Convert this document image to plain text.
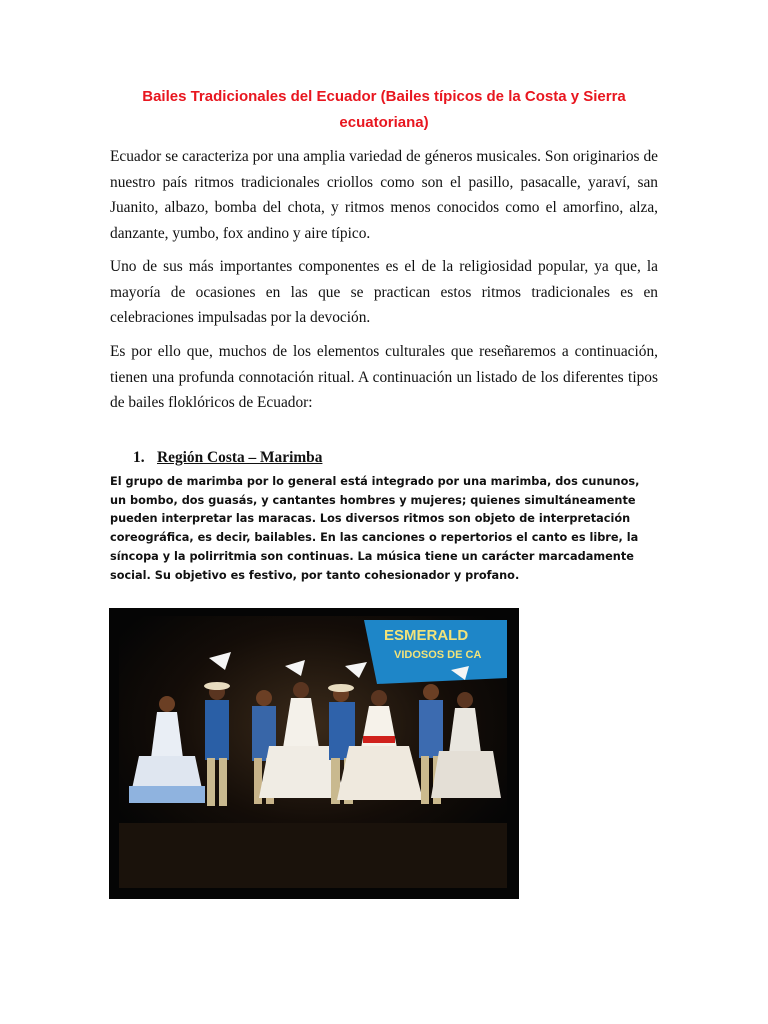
Bailes Tradicionales del Ecuador (Bailes típicos de la Costa y Sierra ecuatoriana)

Ecuador se caracteriza por una amplia variedad de géneros musicales. Son originarios de nuestro país ritmos tradicionales criollos como son el pasillo, pasacalle, yaraví, san Juanito, albazo, bomba del chota, y ritmos menos conocidos como el amorfino, alza, danzante, yumbo, fox andino y aire típico.

Uno de sus más importantes componentes es el de la religiosidad popular, ya que, la mayoría de ocasiones en las que se practican estos ritmos tradicionales es en celebraciones impulsadas por la devoción.

Es por ello que, muchos de los elementos culturales que reseñaremos a continuación, tienen una profunda connotación ritual. A continuación un listado de los diferentes tipos de bailes floklóricos de Ecuador:

1. Región Costa – Marimba

El grupo de marimba por lo general está integrado por una marimba, dos cununos, un bombo, dos guasás, y cantantes hombres y mujeres; quienes simultáneamente pueden interpretar las maracas. Los diversos ritmos son objeto de interpretación coreográfica, es decir, bailables. En las canciones o repertorios el canto es libre, la síncopa y la polirritmia son continuas. La música tiene un carácter marcadamente social. Su objetivo es festivo, por tanto cohesionador y profano.

ESMERALD
VIDOSOS DE CA
